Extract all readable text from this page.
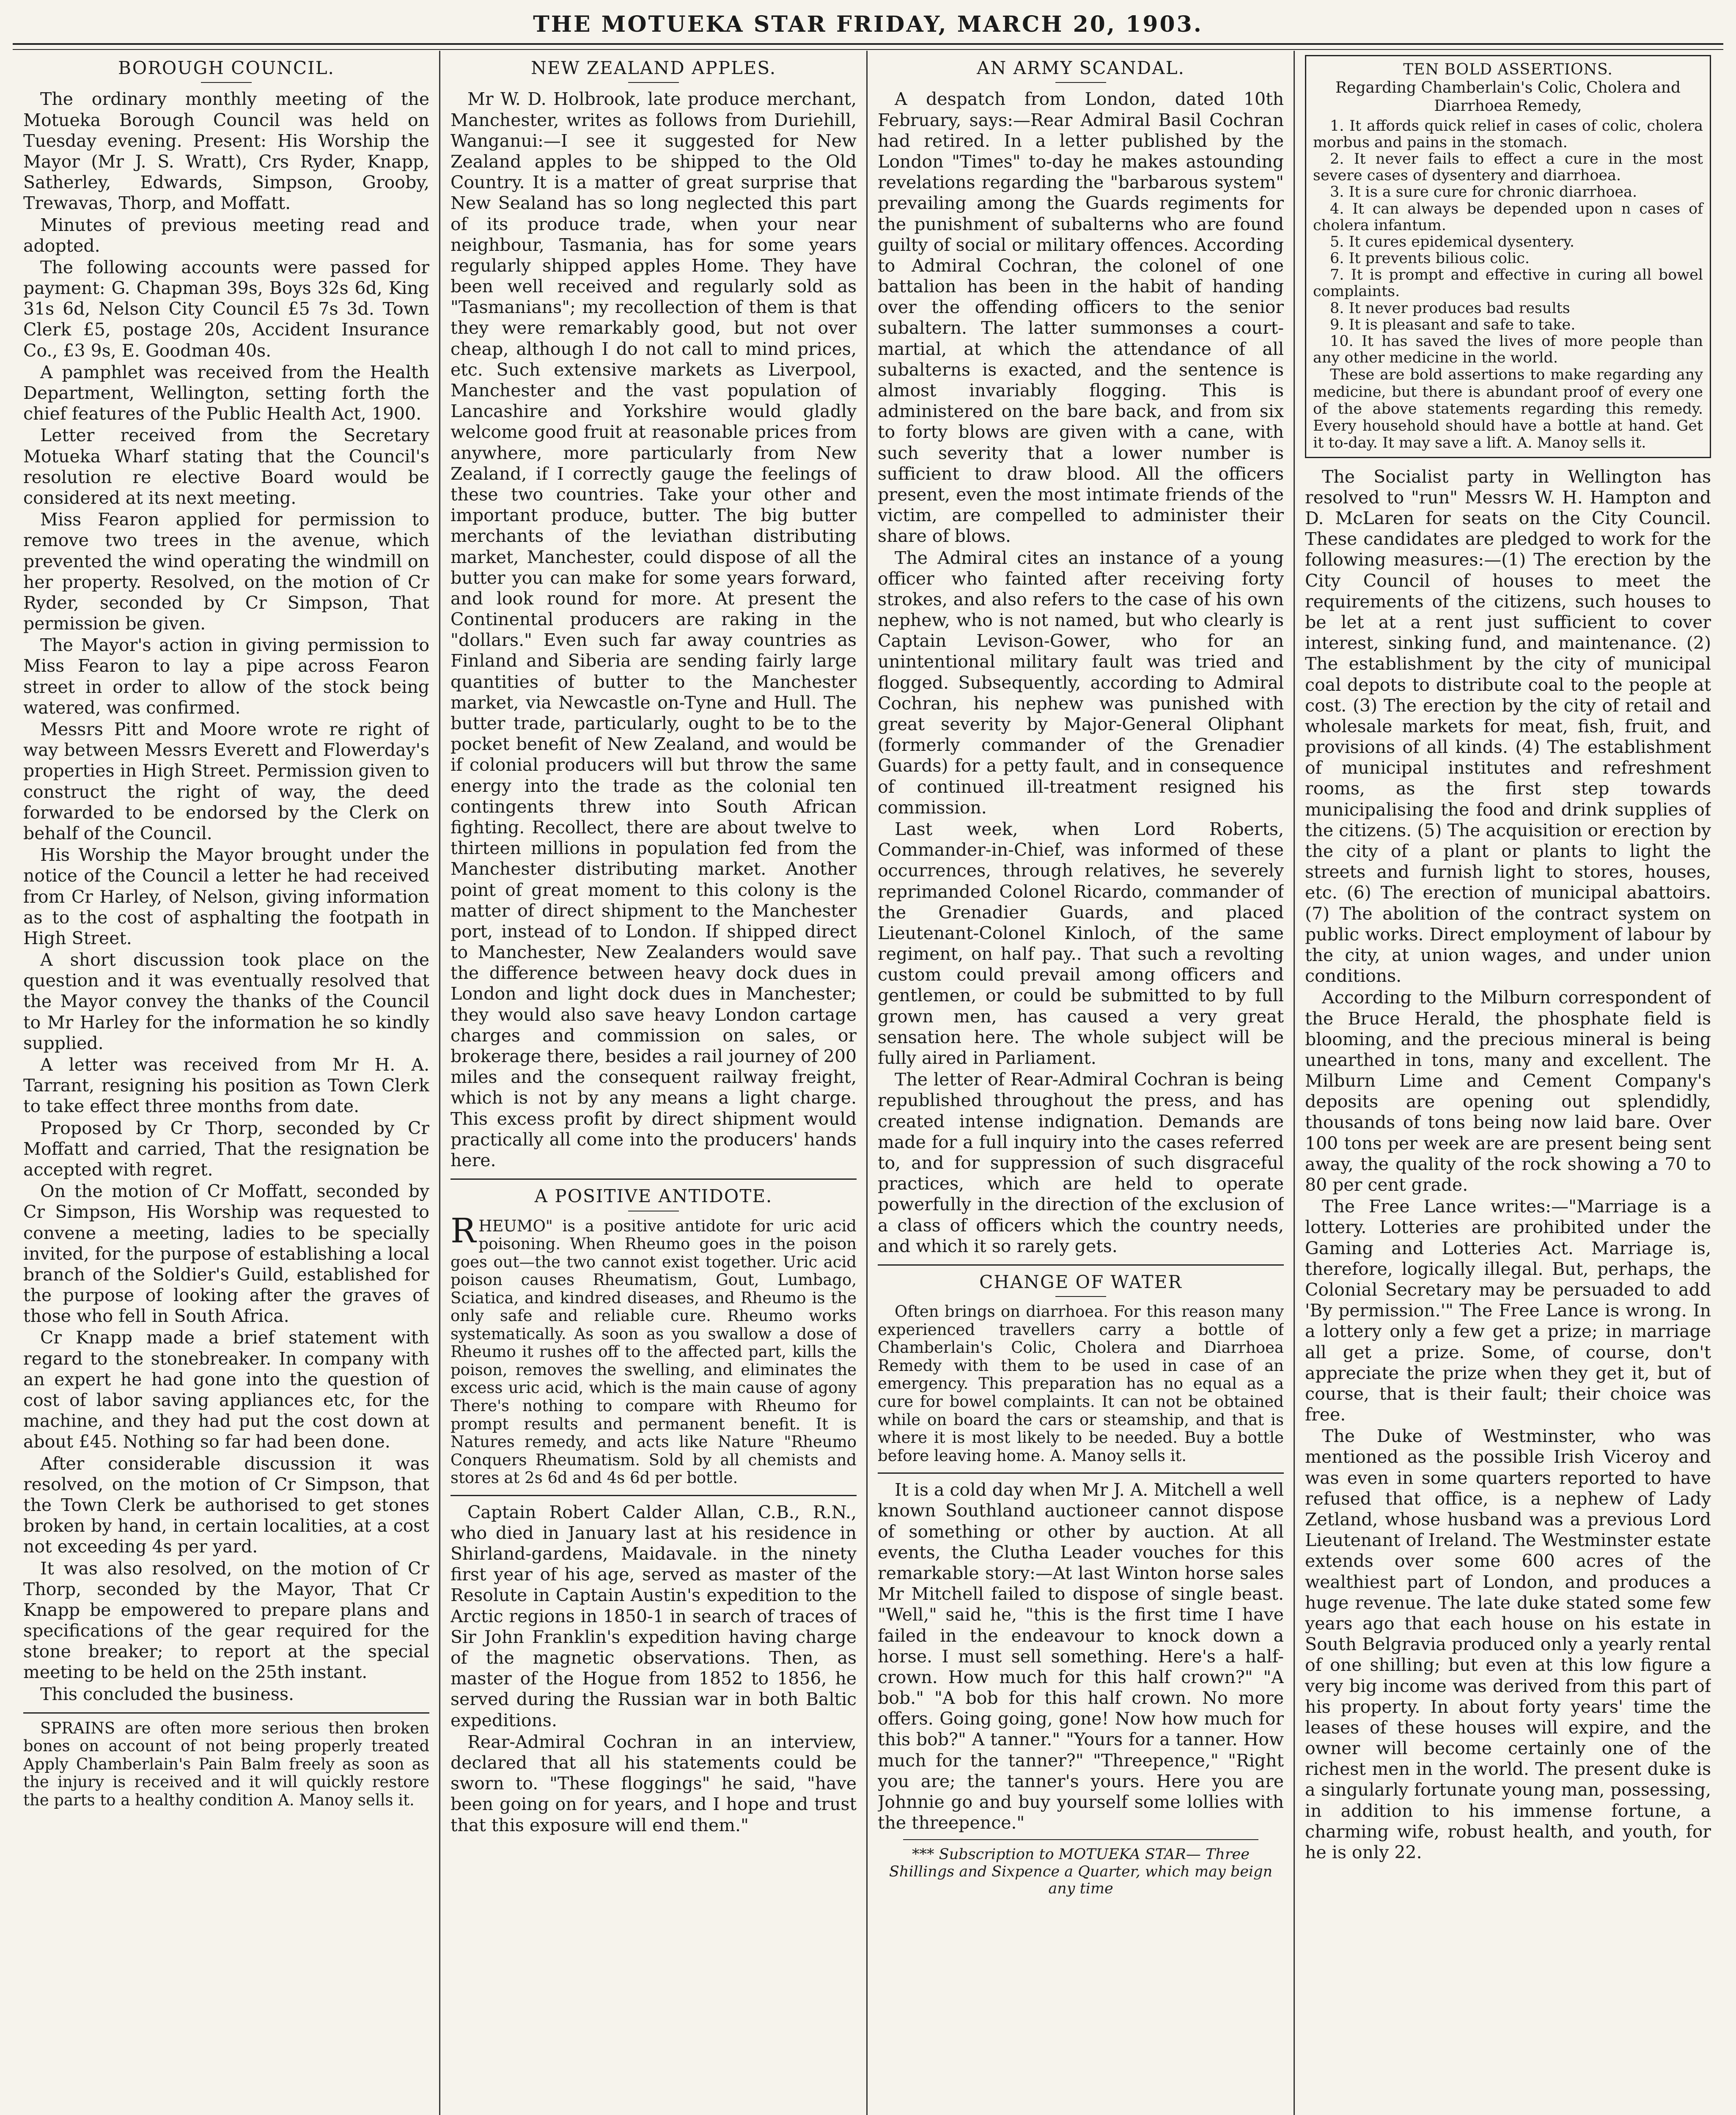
THE MOTUEKA STAR FRIDAY, MARCH 20, 1903.
BOROUGH COUNCIL.

The ordinary monthly meeting of the Motueka Borough Council was held on Tuesday evening. Present: His Worship the Mayor (Mr J. S. Wratt), Crs Ryder, Knapp, Satherley, Edwards, Simpson, Grooby, Trewavas, Thorp, and Moffatt.

Minutes of previous meeting read and adopted.

The following accounts were passed for payment: G. Chapman 39s, Boys 32s 6d, King 31s 6d, Nelson City Council £5 7s 3d. Town Clerk £5, postage 20s, Accident Insurance Co., £3 9s, E. Goodman 40s.

A pamphlet was received from the Health Department, Wellington, setting forth the chief features of the Public Health Act, 1900.

Letter received from the Secretary Motueka Wharf stating that the Council's resolution re elective Board would be considered at its next meeting.

Miss Fearon applied for permission to remove two trees in the avenue, which prevented the wind operating the windmill on her property. Resolved, on the motion of Cr Ryder, seconded by Cr Simpson, That permission be given.

The Mayor's action in giving permission to Miss Fearon to lay a pipe across Fearon street in order to allow of the stock being watered, was confirmed.

Messrs Pitt and Moore wrote re right of way between Messrs Everett and Flowerday's properties in High Street. Permission given to construct the right of way, the deed forwarded to be endorsed by the Clerk on behalf of the Council.

His Worship the Mayor brought under the notice of the Council a letter he had received from Cr Harley, of Nelson, giving information as to the cost of asphalting the footpath in High Street.

A short discussion took place on the question and it was eventually resolved that the Mayor convey the thanks of the Council to Mr Harley for the information he so kindly supplied.

A letter was received from Mr H. A. Tarrant, resigning his position as Town Clerk to take effect three months from date.

Proposed by Cr Thorp, seconded by Cr Moffatt and carried, That the resignation be accepted with regret.

On the motion of Cr Moffatt, seconded by Cr Simpson, His Worship was requested to convene a meeting, ladies to be specially invited, for the purpose of establishing a local branch of the Soldier's Guild, established for the purpose of looking after the graves of those who fell in South Africa.

Cr Knapp made a brief statement with regard to the stonebreaker. In company with an expert he had gone into the question of cost of labor saving appliances etc, for the machine, and they had put the cost down at about £45. Nothing so far had been done.

After considerable discussion it was resolved, on the motion of Cr Simpson, that the Town Clerk be authorised to get stones broken by hand, in certain localities, at a cost not exceeding 4s per yard.

It was also resolved, on the motion of Cr Thorp, seconded by the Mayor, That Cr Knapp be empowered to prepare plans and specifications of the gear required for the stone breaker; to report at the special meeting to be held on the 25th instant.

This concluded the business.

SPRAINS are often more serious then broken bones on account of not being properly treated Apply Chamberlain's Pain Balm freely as soon as the injury is received and it will quickly restore the parts to a healthy condition A. Manoy sells it.

NEW ZEALAND APPLES.

Mr W. D. Holbrook, late produce merchant, Manchester, writes as follows from Duriehill, Wanganui:—I see it suggested for New Zealand apples to be shipped to the Old Country. It is a matter of great surprise that New Sealand has so long neglected this part of its produce trade, when your near neighbour, Tasmania, has for some years regularly shipped apples Home. They have been well received and regularly sold as "Tasmanians"; my recollection of them is that they were remarkably good, but not over cheap, although I do not call to mind prices, etc. Such extensive markets as Liverpool, Manchester and the vast population of Lancashire and Yorkshire would gladly welcome good fruit at reasonable prices from anywhere, more particularly from New Zealand, if I correctly gauge the feelings of these two countries. Take your other and important produce, butter. The big butter merchants of the leviathan distributing market, Manchester, could dispose of all the butter you can make for some years forward, and look round for more. At present the Continental producers are raking in the "dollars." Even such far away countries as Finland and Siberia are sending fairly large quantities of butter to the Manchester market, via Newcastle on-Tyne and Hull. The butter trade, particularly, ought to be to the pocket benefit of New Zealand, and would be if colonial producers will but throw the same energy into the trade as the colonial ten contingents threw into South African fighting. Recollect, there are about twelve to thirteen millions in population fed from the Manchester distributing market. Another point of great moment to this colony is the matter of direct shipment to the Manchester port, instead of to London. If shipped direct to Manchester, New Zealanders would save the difference between heavy dock dues in London and light dock dues in Manchester; they would also save heavy London cartage charges and commission on sales, or brokerage there, besides a rail journey of 200 miles and the consequent railway freight, which is not by any means a light charge. This excess profit by direct shipment would practically all come into the producers' hands here.

A POSITIVE ANTIDOTE.

RHEUMO" is a positive antidote for uric acid poisoning. When Rheumo goes in the poison goes out—the two cannot exist together. Uric acid poison causes Rheumatism, Gout, Lumbago, Sciatica, and kindred diseases, and Rheumo is the only safe and reliable cure. Rheumo works systematically. As soon as you swallow a dose of Rheumo it rushes off to the affected part, kills the poison, removes the swelling, and eliminates the excess uric acid, which is the main cause of agony There's nothing to compare with Rheumo for prompt results and permanent benefit. It is Natures remedy, and acts like Nature "Rheumo Conquers Rheumatism. Sold by all chemists and stores at 2s 6d and 4s 6d per bottle.

Captain Robert Calder Allan, C.B., R.N., who died in January last at his residence in Shirland-gardens, Maidavale. in the ninety first year of his age, served as master of the Resolute in Captain Austin's expedition to the Arctic regions in 1850-1 in search of traces of Sir John Franklin's expedition having charge of the magnetic observations. Then, as master of the Hogue from 1852 to 1856, he served during the Russian war in both Baltic expeditions.

Rear-Admiral Cochran in an interview, declared that all his statements could be sworn to. "These floggings" he said, "have been going on for years, and I hope and trust that this exposure will end them."

AN ARMY SCANDAL.

A despatch from London, dated 10th February, says:—Rear Admiral Basil Cochran had retired. In a letter published by the London "Times" to-day he makes astounding revelations regarding the "barbarous system" prevailing among the Guards regiments for the punishment of subalterns who are found guilty of social or military offences. According to Admiral Cochran, the colonel of one battalion has been in the habit of handing over the offending officers to the senior subaltern. The latter summonses a court-martial, at which the attendance of all subalterns is exacted, and the sentence is almost invariably flogging. This is administered on the bare back, and from six to forty blows are given with a cane, with such severity that a lower number is sufficient to draw blood. All the officers present, even the most intimate friends of the victim, are compelled to administer their share of blows.

The Admiral cites an instance of a young officer who fainted after receiving forty strokes, and also refers to the case of his own nephew, who is not named, but who clearly is Captain Levison-Gower, who for an unintentional military fault was tried and flogged. Subsequently, according to Admiral Cochran, his nephew was punished with great severity by Major-General Oliphant (formerly commander of the Grenadier Guards) for a petty fault, and in consequence of continued ill-treatment resigned his commission.

Last week, when Lord Roberts, Commander-in-Chief, was informed of these occurrences, through relatives, he severely reprimanded Colonel Ricardo, commander of the Grenadier Guards, and placed Lieutenant-Colonel Kinloch, of the same regiment, on half pay.. That such a revolting custom could prevail among officers and gentlemen, or could be submitted to by full grown men, has caused a very great sensation here. The whole subject will be fully aired in Parliament.

The letter of Rear-Admiral Cochran is being republished throughout the press, and has created intense indignation. Demands are made for a full inquiry into the cases referred to, and for suppression of such disgraceful practices, which are held to operate powerfully in the direction of the exclusion of a class of officers which the country needs, and which it so rarely gets.

CHANGE OF WATER

Often brings on diarrhoea. For this reason many experienced travellers carry a bottle of Chamberlain's Colic, Cholera and Diarrhoea Remedy with them to be used in case of an emergency. This preparation has no equal as a cure for bowel complaints. It can not be obtained while on board the cars or steamship, and that is where it is most likely to be needed. Buy a bottle before leaving home. A. Manoy sells it.

It is a cold day when Mr J. A. Mitchell a well known Southland auctioneer cannot dispose of something or other by auction. At all events, the Clutha Leader vouches for this remarkable story:—At last Winton horse sales Mr Mitchell failed to dispose of single beast. "Well," said he, "this is the first time I have failed in the endeavour to knock down a horse. I must sell something. Here's a half-crown. How much for this half crown?" "A bob." "A bob for this half crown. No more offers. Going going, gone! Now how much for this bob?" A tanner." "Yours for a tanner. How much for the tanner?" "Threepence," "Right you are; the tanner's yours. Here you are Johnnie go and buy yourself some lollies with the threepence."

*** Subscription to MOTUEKA STAR— Three Shillings and Sixpence a Quarter, which may beign any time

TEN BOLD ASSERTIONS.
Regarding Chamberlain's Colic, Cholera and Diarrhoea Remedy,
1. It affords quick relief in cases of colic, cholera morbus and pains in the stomach.
2. It never fails to effect a cure in the most severe cases of dysentery and diarrhoea.
3. It is a sure cure for chronic diarrhoea.
4. It can always be depended upon n cases of cholera infantum.
5. It cures epidemical dysentery.
6. It prevents bilious colic.
7. It is prompt and effective in curing all bowel complaints.
8. It never produces bad results
9. It is pleasant and safe to take.
10. It has saved the lives of more people than any other medicine in the world.

These are bold assertions to make regarding any medicine, but there is abundant proof of every one of the above statements regarding this remedy. Every household should have a bottle at hand. Get it to-day. It may save a lift. A. Manoy sells it.

The Socialist party in Wellington has resolved to "run" Messrs W. H. Hampton and D. McLaren for seats on the City Council. These candidates are pledged to work for the following measures:—(1) The erection by the City Council of houses to meet the requirements of the citizens, such houses to be let at a rent just sufficient to cover interest, sinking fund, and maintenance. (2) The establishment by the city of municipal coal depots to distribute coal to the people at cost. (3) The erection by the city of retail and wholesale markets for meat, fish, fruit, and provisions of all kinds. (4) The establishment of municipal institutes and refreshment rooms, as the first step towards municipalising the food and drink supplies of the citizens. (5) The acquisition or erection by the city of a plant or plants to light the streets and furnish light to stores, houses, etc. (6) The erection of municipal abattoirs. (7) The abolition of the contract system on public works. Direct employment of labour by the city, at union wages, and under union conditions.

According to the Milburn correspondent of the Bruce Herald, the phosphate field is blooming, and the precious mineral is being unearthed in tons, many and excellent. The Milburn Lime and Cement Company's deposits are opening out splendidly, thousands of tons being now laid bare. Over 100 tons per week are are present being sent away, the quality of the rock showing a 70 to 80 per cent grade.

The Free Lance writes:—"Marriage is a lottery. Lotteries are prohibited under the Gaming and Lotteries Act. Marriage is, therefore, logically illegal. But, perhaps, the Colonial Secretary may be persuaded to add 'By permission.'" The Free Lance is wrong. In a lottery only a few get a prize; in marriage all get a prize. Some, of course, don't appreciate the prize when they get it, but of course, that is their fault; their choice was free.

The Duke of Westminster, who was mentioned as the possible Irish Viceroy and was even in some quarters reported to have refused that office, is a nephew of Lady Zetland, whose husband was a previous Lord Lieutenant of Ireland. The Westminster estate extends over some 600 acres of the wealthiest part of London, and produces a huge revenue. The late duke stated some few years ago that each house on his estate in South Belgravia produced only a yearly rental of one shilling; but even at this low figure a very big income was derived from this part of his property. In about forty years' time the leases of these houses will expire, and the owner will become certainly one of the richest men in the world. The present duke is a singularly fortunate young man, possessing, in addition to his immense fortune, a charming wife, robust health, and youth, for he is only 22.
